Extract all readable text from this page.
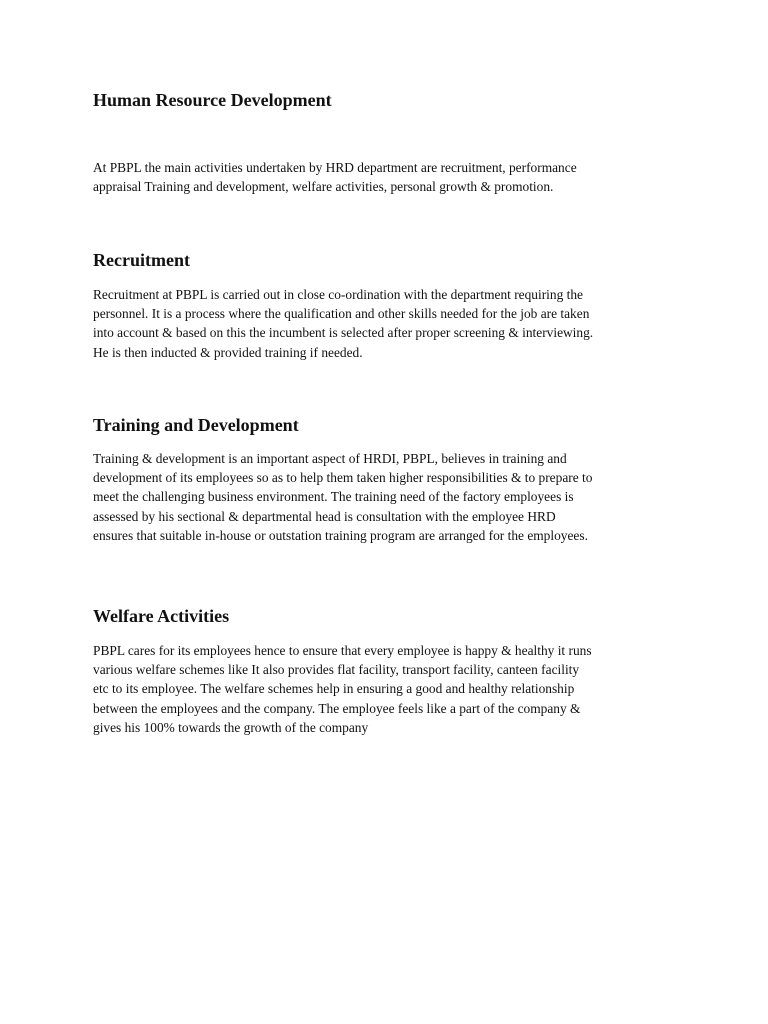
Human Resource Development

At PBPL the main activities undertaken by HRD department are recruitment, performance
appraisal Training and development, welfare activities, personal growth & promotion.

Recruitment

Recruitment at PBPL is carried out in close co-ordination with the department requiring the
personnel. It is a process where the qualification and other skills needed for the job are taken
into account & based on this the incumbent is selected after proper screening & interviewing.
He is then inducted & provided training if needed.

Training and Development

Training & development is an important aspect of HRDI, PBPL, believes in training and
development of its employees so as to help them taken higher responsibilities & to prepare to
meet the challenging business environment. The training need of the factory employees is
assessed by his sectional & departmental head is consultation with the employee HRD
ensures that suitable in-house or outstation training program are arranged for the employees.

Welfare Activities

PBPL cares for its employees hence to ensure that every employee is happy & healthy it runs
various welfare schemes like It also provides flat facility, transport facility, canteen facility
etc to its employee. The welfare schemes help in ensuring a good and healthy relationship
between the employees and the company. The employee feels like a part of the company &
gives his 100% towards the growth of the company
